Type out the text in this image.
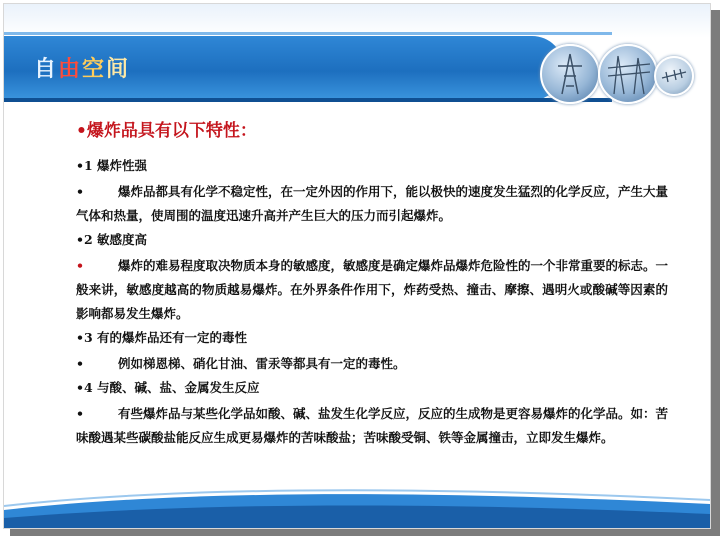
自由空间

•爆炸品具有以下特性：

•1 爆炸性强

•	爆炸品都具有化学不稳定性，在一定外因的作用下，能以极快的速度发生猛烈的化学反应，产生大量气体和热量，使周围的温度迅速升高并产生巨大的压力而引起爆炸。

•2 敏感度高

•	爆炸的难易程度取决物质本身的敏感度，敏感度是确定爆炸品爆炸危险性的一个非常重要的标志。一般来讲，敏感度越高的物质越易爆炸。在外界条件作用下，炸药受热、撞击、摩擦、遇明火或酸碱等因素的影响都易发生爆炸。

•3 有的爆炸品还有一定的毒性

•	例如梯恩梯、硝化甘油、雷汞等都具有一定的毒性。

•4 与酸、碱、盐、金属发生反应

•	有些爆炸品与某些化学品如酸、碱、盐发生化学反应，反应的生成物是更容易爆炸的化学品。如：苦味酸遇某些碳酸盐能反应生成更易爆炸的苦味酸盐；苦味酸受铜、铁等金属撞击，立即发生爆炸。
